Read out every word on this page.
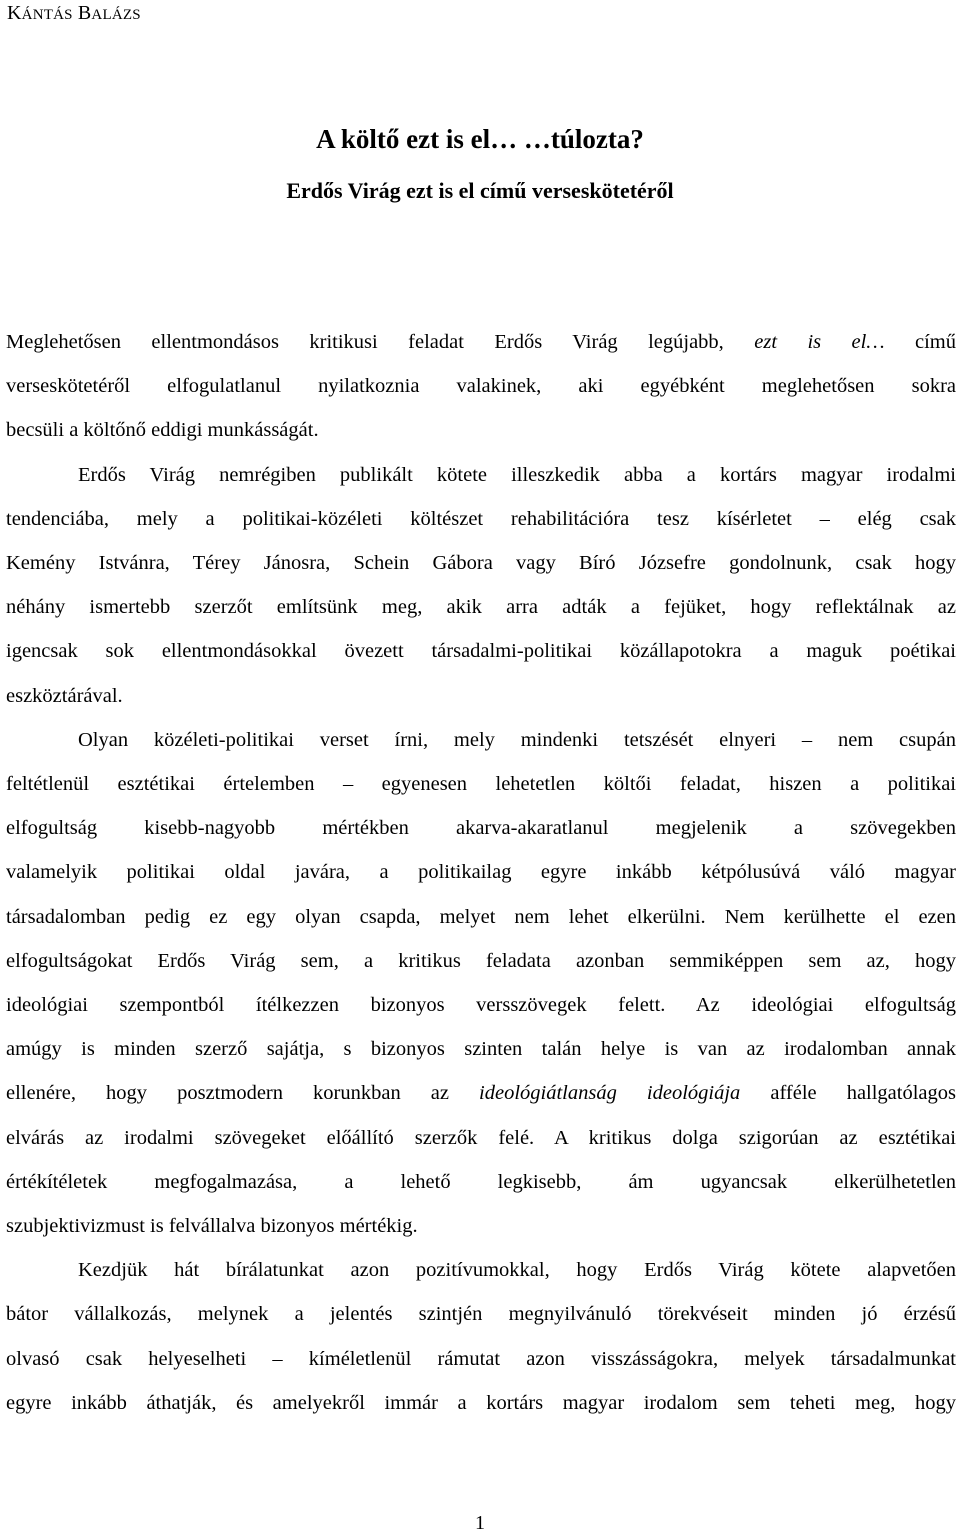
KÁNTÁS BALÁZS
A költő ezt is el… …túlozta?
Erdős Virág ezt is el című verseskötetéről
Meglehetősen ellentmondásos kritikusi feladat Erdős Virág legújabb, ezt is el… című
verseskötetéről elfogulatlanul nyilatkoznia valakinek, aki egyébként meglehetősen sokra
becsüli a költőnő eddigi munkásságát.
Erdős Virág nemrégiben publikált kötete illeszkedik abba a kortárs magyar irodalmi
tendenciába, mely a politikai-közéleti költészet rehabilitációra tesz kísérletet – elég csak
Kemény Istvánra, Térey Jánosra, Schein Gábora vagy Bíró Józsefre gondolnunk, csak hogy
néhány ismertebb szerzőt említsünk meg, akik arra adták a fejüket, hogy reflektálnak az
igencsak sok ellentmondásokkal övezett társadalmi-politikai közállapotokra a maguk poétikai
eszköztárával.
Olyan közéleti-politikai verset írni, mely mindenki tetszését elnyeri – nem csupán
feltétlenül esztétikai értelemben – egyenesen lehetetlen költői feladat, hiszen a politikai
elfogultság kisebb-nagyobb mértékben akarva-akaratlanul megjelenik a szövegekben
valamelyik politikai oldal javára, a politikailag egyre inkább kétpólusúvá váló magyar
társadalomban pedig ez egy olyan csapda, melyet nem lehet elkerülni. Nem kerülhette el ezen
elfogultságokat Erdős Virág sem, a kritikus feladata azonban semmiképpen sem az, hogy
ideológiai szempontból ítélkezzen bizonyos versszövegek felett. Az ideológiai elfogultság
amúgy is minden szerző sajátja, s bizonyos szinten talán helye is van az irodalomban annak
ellenére, hogy posztmodern korunkban az ideológiátlanság ideológiája afféle hallgatólagos
elvárás az irodalmi szövegeket előállító szerzők felé. A kritikus dolga szigorúan az esztétikai
értékítéletek megfogalmazása, a lehető legkisebb, ám ugyancsak elkerülhetetlen
szubjektivizmust is felvállalva bizonyos mértékig.
Kezdjük hát bírálatunkat azon pozitívumokkal, hogy Erdős Virág kötete alapvetően
bátor vállalkozás, melynek a jelentés szintjén megnyilvánuló törekvéseit minden jó érzésű
olvasó csak helyeselheti – kíméletlenül rámutat azon visszásságokra, melyek társadalmunkat
egyre inkább áthatják, és amelyekről immár a kortárs magyar irodalom sem teheti meg, hogy
1
